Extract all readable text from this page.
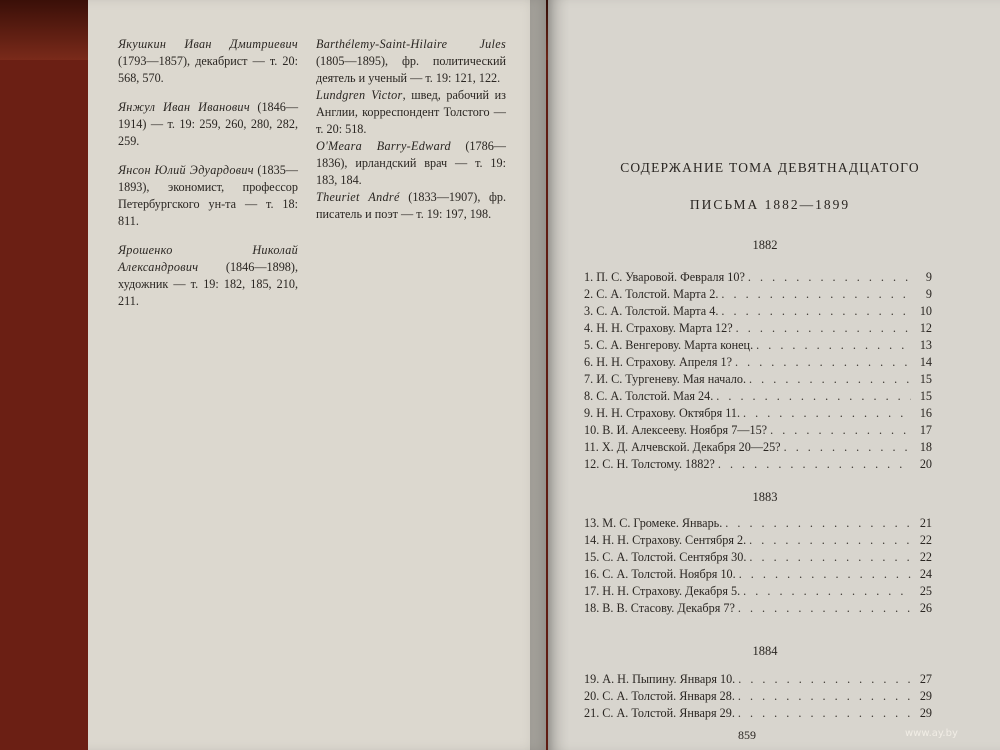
Якушкин Иван Дмитриевич (1793—1857), декабрист — т. 20: 568, 570.
Янжул Иван Иванович (1846—1914) — т. 19: 259, 260, 280, 282, 259.
Янсон Юлий Эдуардович (1835—1893), экономист, профессор Петербургского ун-та — т. 18: 811.
Ярошенко Николай Александрович (1846—1898), художник — т. 19: 182, 185, 210, 211.
Barthélemy-Saint-Hilaire Jules (1805—1895), фр. политический деятель и ученый — т. 19: 121, 122.
Lundgren Victor, швед, рабочий из Англии, корреспондент Толстого — т. 20: 518.
O'Meara Barry-Edward (1786—1836), ирландский врач — т. 19: 183, 184.
Theuriet André (1833—1907), фр. писатель и поэт — т. 19: 197, 198.
СОДЕРЖАНИЕ ТОМА ДЕВЯТНАДЦАТОГО
ПИСЬМА 1882—1899
1882
1. П. С. Уваровой. Февраля 10? . . .	9
2. С. А. Толстой. Марта 2. . . .	9
3. С. А. Толстой. Марта 4. . . .	10
4. Н. Н. Страхову. Марта 12? . . .	12
5. С. А. Венгерову. Марта конец. . . .	13
6. Н. Н. Страхову. Апреля 1? . . .	14
7. И. С. Тургеневу. Мая начало. . . .	15
8. С. А. Толстой. Мая 24. . . .	15
9. Н. Н. Страхову. Октября 11. . . .	16
10. В. И. Алексееву. Ноября 7—15? . . .	17
11. Х. Д. Алчевской. Декабря 20—25? . . .	18
12. С. Н. Толстому. 1882? . . .	20
1883
13. М. С. Громеке. Январь. . . .	21
14. Н. Н. Страхову. Сентября 2. . . .	22
15. С. А. Толстой. Сентября 30. . . .	22
16. С. А. Толстой. Ноября 10. . . .	24
17. Н. Н. Страхову. Декабря 5. . . .	25
18. В. В. Стасову. Декабря 7? . . .	26
1884
19. А. Н. Пыпину. Января 10. . . .	27
20. С. А. Толстой. Января 28. . . .	29
21. С. А. Толстой. Января 29. . . .	29
859	www.ay.by
